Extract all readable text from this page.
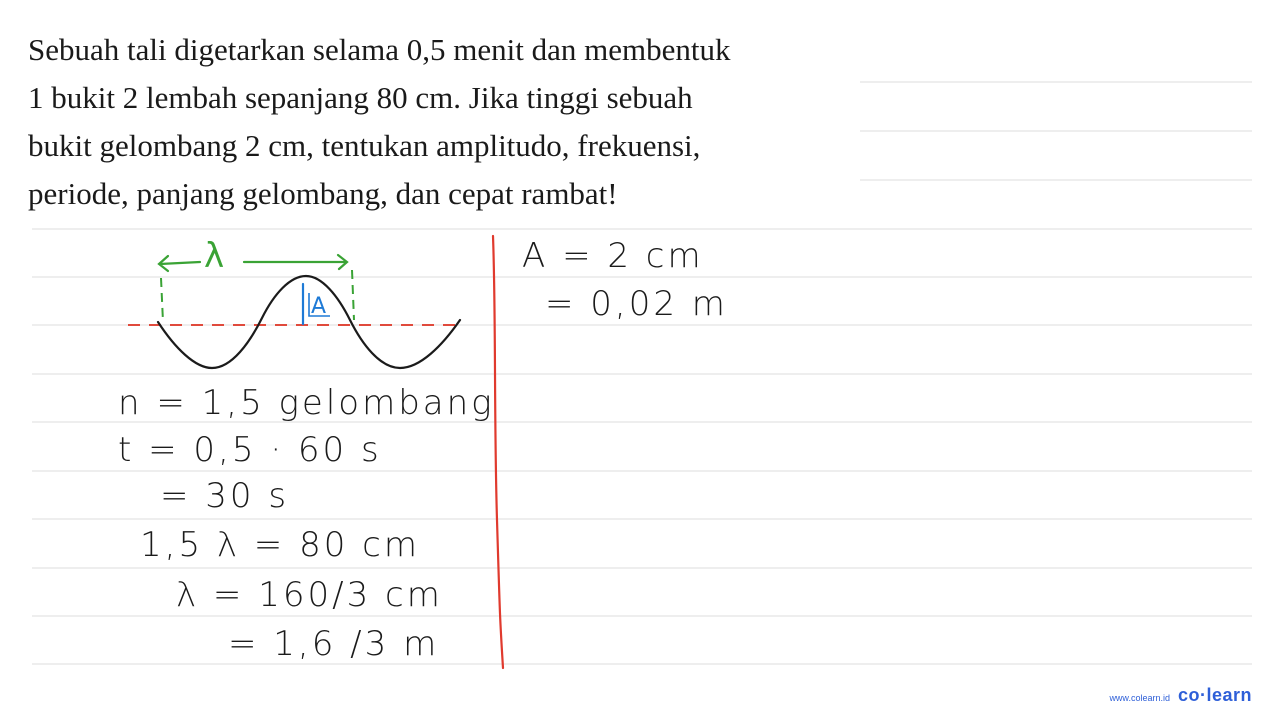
Sebuah tali digetarkan selama 0,5 menit dan membentuk
1 bukit 2 lembah sepanjang 80 cm. Jika tinggi sebuah
bukit gelombang 2 cm, tentukan amplitudo, frekuensi,
periode, panjang gelombang, dan cepat rambat!
λ
A
n = 1,5 gelombang
t = 0,5 · 60 s
= 30 s
1,5 λ = 80 cm
λ = 160/3 cm
= 1,6 /3 m
A = 2 cm
= 0,02 m
www.colearn.id co·learn
